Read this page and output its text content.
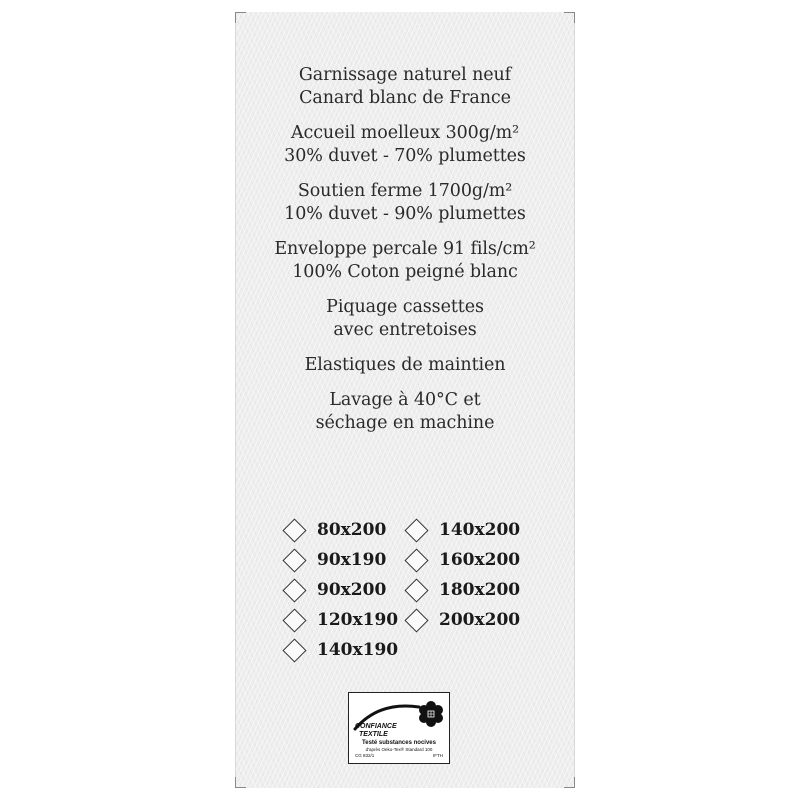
Garnissage naturel neuf
Canard blanc de France
Accueil moelleux 300g/m²
30% duvet - 70% plumettes
Soutien ferme 1700g/m²
10% duvet - 90% plumettes
Enveloppe percale 91 fils/cm²
100% Coton peigné blanc
Piquage cassettes
avec entretoises
Elastiques de maintien
Lavage à 40°C et
séchage en machine
80x200
90x190
90x200
120x190
140x190
140x200
160x200
180x200
200x200
CONFIANCE
TEXTILE
Testé substances nocives
d'après Oeko-Tex® Standard 100
CG 832/1	IFTH
